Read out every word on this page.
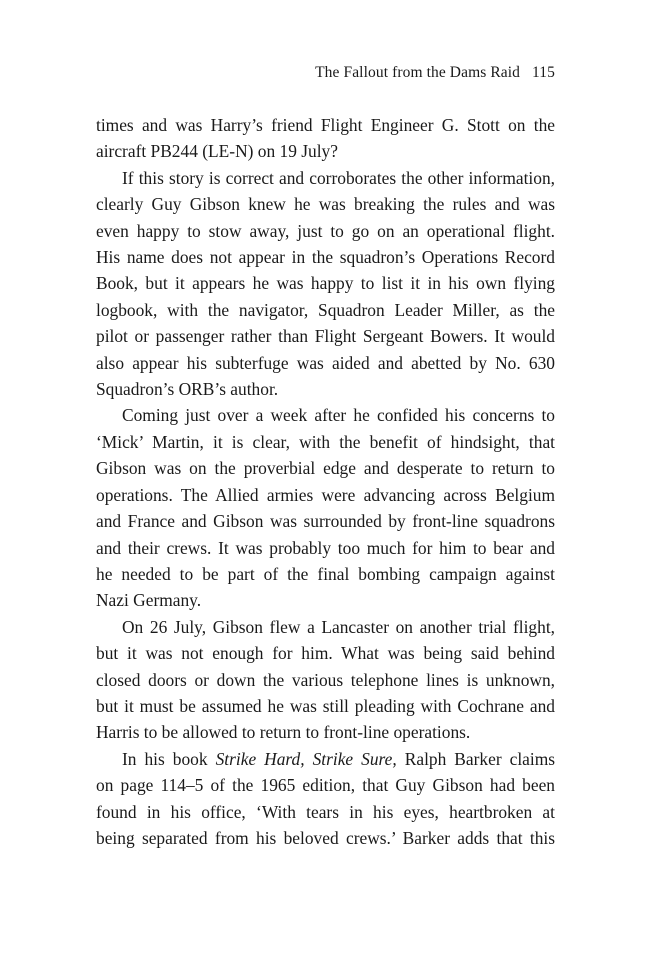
The Fallout from the Dams Raid 115
times and was Harry’s friend Flight Engineer G. Stott on the
aircraft PB244 (LE-N) on 19 July?
If this story is correct and corroborates the other information,
clearly Guy Gibson knew he was breaking the rules and was
even happy to stow away, just to go on an operational flight.
His name does not appear in the squadron’s Operations Record
Book, but it appears he was happy to list it in his own flying
logbook, with the navigator, Squadron Leader Miller, as the
pilot or passenger rather than Flight Sergeant Bowers. It would
also appear his subterfuge was aided and abetted by No. 630
Squadron’s ORB’s author.
Coming just over a week after he confided his concerns to
‘Mick’ Martin, it is clear, with the benefit of hindsight, that
Gibson was on the proverbial edge and desperate to return to
operations. The Allied armies were advancing across Belgium
and France and Gibson was surrounded by front-line squadrons
and their crews. It was probably too much for him to bear and
he needed to be part of the final bombing campaign against
Nazi Germany.
On 26 July, Gibson flew a Lancaster on another trial flight,
but it was not enough for him. What was being said behind
closed doors or down the various telephone lines is unknown,
but it must be assumed he was still pleading with Cochrane and
Harris to be allowed to return to front-line operations.
In his book Strike Hard, Strike Sure, Ralph Barker claims
on page 114–5 of the 1965 edition, that Guy Gibson had been
found in his office, ‘With tears in his eyes, heartbroken at
being separated from his beloved crews.’ Barker adds that this
